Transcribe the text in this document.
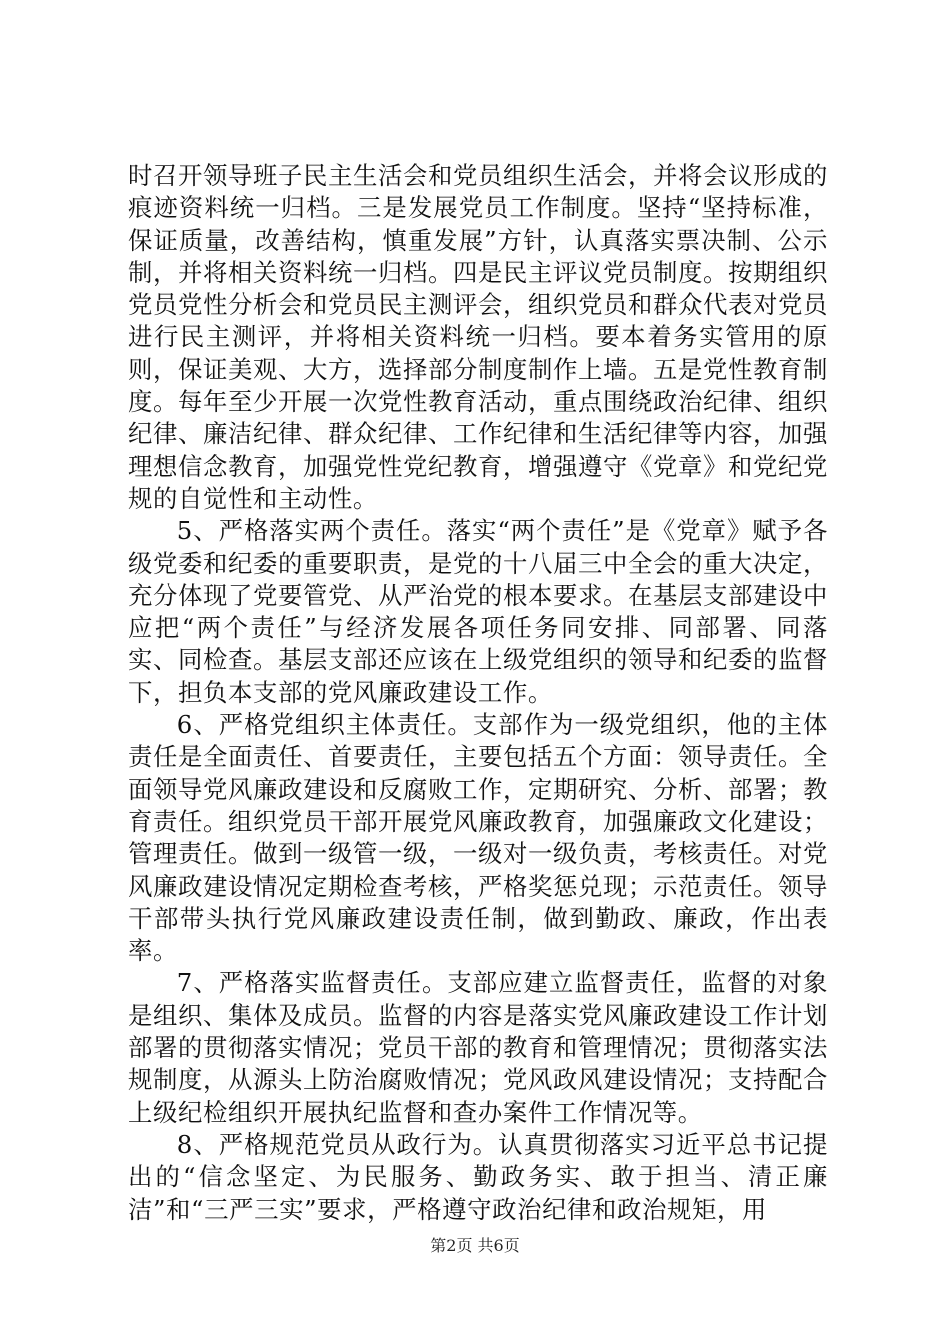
时召开领导班子民主生活会和党员组织生活会，并将会议形成的痕迹资料统一归档。三是发展党员工作制度。坚持“坚持标准，保证质量，改善结构，慎重发展”方针，认真落实票决制、公示制，并将相关资料统一归档。四是民主评议党员制度。按期组织党员党性分析会和党员民主测评会，组织党员和群众代表对党员进行民主测评，并将相关资料统一归档。要本着务实管用的原则，保证美观、大方，选择部分制度制作上墙。五是党性教育制度。每年至少开展一次党性教育活动，重点围绕政治纪律、组织纪律、廉洁纪律、群众纪律、工作纪律和生活纪律等内容，加强理想信念教育，加强党性党纪教育，增强遵守《党章》和党纪党规的自觉性和主动性。

5、严格落实两个责任。落实“两个责任”是《党章》赋予各级党委和纪委的重要职责，是党的十八届三中全会的重大决定，充分体现了党要管党、从严治党的根本要求。在基层支部建设中应把“两个责任”与经济发展各项任务同安排、同部署、同落实、同检查。基层支部还应该在上级党组织的领导和纪委的监督下，担负本支部的党风廉政建设工作。

6、严格党组织主体责任。支部作为一级党组织，他的主体责任是全面责任、首要责任，主要包括五个方面：领导责任。全面领导党风廉政建设和反腐败工作，定期研究、分析、部署；教育责任。组织党员干部开展党风廉政教育，加强廉政文化建设；管理责任。做到一级管一级，一级对一级负责，考核责任。对党风廉政建设情况定期检查考核，严格奖惩兑现；示范责任。领导干部带头执行党风廉政建设责任制，做到勤政、廉政，作出表率。

7、严格落实监督责任。支部应建立监督责任，监督的对象是组织、集体及成员。监督的内容是落实党风廉政建设工作计划部署的贯彻落实情况；党员干部的教育和管理情况；贯彻落实法规制度，从源头上防治腐败情况；党风政风建设情况；支持配合上级纪检组织开展执纪监督和查办案件工作情况等。

8、严格规范党员从政行为。认真贯彻落实习近平总书记提出的“信念坚定、为民服务、勤政务实、敢于担当、清正廉洁”和“三严三实”要求，严格遵守政治纪律和政治规矩，用

第2页 共6页
